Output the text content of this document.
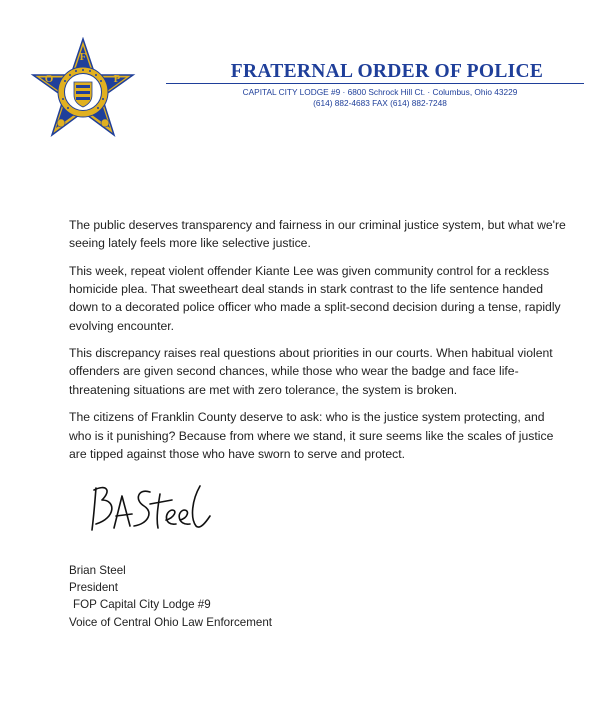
F
O	P	FRATERNAL ORDER OF POLICE
CAPITAL CITY LODGE #9 · 6800 Schrock Hill Ct. · Columbus, Ohio 43229
(614) 882-4683 FAX (614) 882-7248

The public deserves transparency and fairness in our criminal justice system, but what we're seeing lately feels more like selective justice.

This week, repeat violent offender Kiante Lee was given community control for a reckless homicide plea. That sweetheart deal stands in stark contrast to the life sentence handed down to a decorated police officer who made a split-second decision during a tense, rapidly evolving encounter.

This discrepancy raises real questions about priorities in our courts. When habitual violent offenders are given second chances, while those who wear the badge and face life-threatening situations are met with zero tolerance, the system is broken.

The citizens of Franklin County deserve to ask: who is the justice system protecting, and who is it punishing? Because from where we stand, it sure seems like the scales of justice are tipped against those who have sworn to serve and protect.

Brian Steel
President
FOP Capital City Lodge #9
Voice of Central Ohio Law Enforcement
